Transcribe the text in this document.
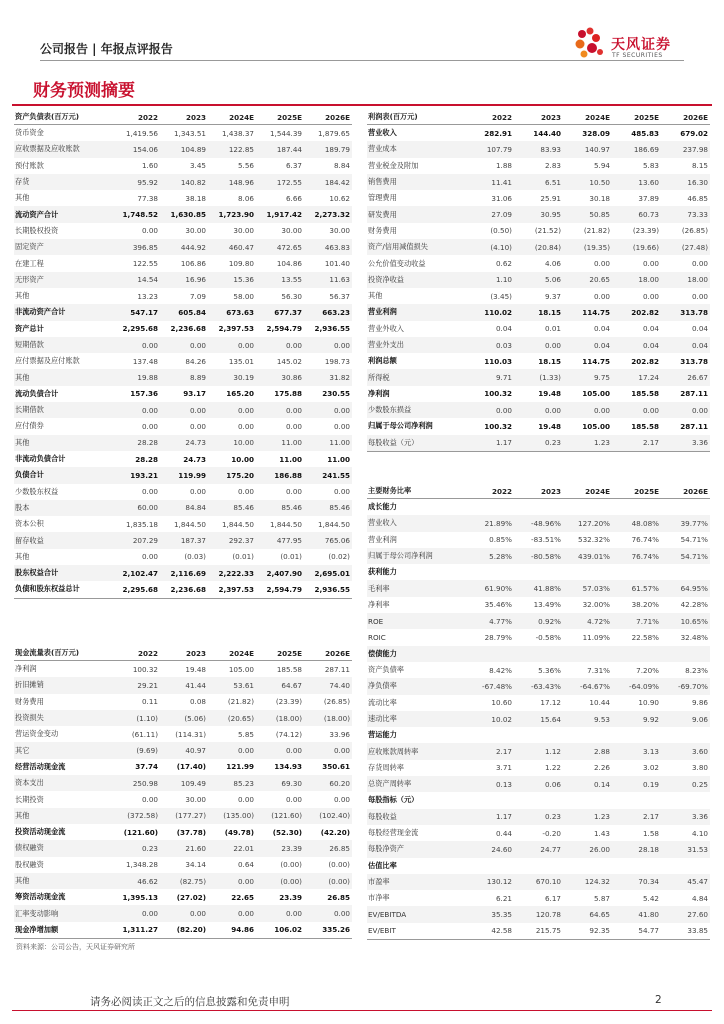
公司报告 | 年报点评报告	天风证券
TF SECURITIES
财务预测摘要
资产负债表(百万元)	2022	2023	2024E	2025E	2026E
货币资金	1,419.56	1,343.51	1,438.37	1,544.39	1,879.65
应收票据及应收账款	154.06	104.89	122.85	187.44	189.79
预付账款	1.60	3.45	5.56	6.37	8.84
存货	95.92	140.82	148.96	172.55	184.42
其他	77.38	38.18	8.06	6.66	10.62
流动资产合计	1,748.52	1,630.85	1,723.90	1,917.42	2,273.32
长期股权投资	0.00	30.00	30.00	30.00	30.00
固定资产	396.85	444.92	460.47	472.65	463.83
在建工程	122.55	106.86	109.80	104.86	101.40
无形资产	14.54	16.96	15.36	13.55	11.63
其他	13.23	7.09	58.00	56.30	56.37
非流动资产合计	547.17	605.84	673.63	677.37	663.23
资产总计	2,295.68	2,236.68	2,397.53	2,594.79	2,936.55
短期借款	0.00	0.00	0.00	0.00	0.00
应付票据及应付账款	137.48	84.26	135.01	145.02	198.73
其他	19.88	8.89	30.19	30.86	31.82
流动负债合计	157.36	93.17	165.20	175.88	230.55
长期借款	0.00	0.00	0.00	0.00	0.00
应付债券	0.00	0.00	0.00	0.00	0.00
其他	28.28	24.73	10.00	11.00	11.00
非流动负债合计	28.28	24.73	10.00	11.00	11.00
负债合计	193.21	119.99	175.20	186.88	241.55
少数股东权益	0.00	0.00	0.00	0.00	0.00
股本	60.00	84.84	85.46	85.46	85.46
资本公积	1,835.18	1,844.50	1,844.50	1,844.50	1,844.50
留存收益	207.29	187.37	292.37	477.95	765.06
其他	0.00	(0.03)	(0.01)	(0.01)	(0.02)
股东权益合计	2,102.47	2,116.69	2,222.33	2,407.90	2,695.01
负债和股东权益总计	2,295.68	2,236.68	2,397.53	2,594.79	2,936.55
利润表(百万元)	2022	2023	2024E	2025E	2026E
营业收入	282.91	144.40	328.09	485.83	679.02
营业成本	107.79	83.93	140.97	186.69	237.98
营业税金及附加	1.88	2.83	5.94	5.83	8.15
销售费用	11.41	6.51	10.50	13.60	16.30
管理费用	31.06	25.91	30.18	37.89	46.85
研发费用	27.09	30.95	50.85	60.73	73.33
财务费用	(0.50)	(21.52)	(21.82)	(23.39)	(26.85)
资产/信用减值损失	(4.10)	(20.84)	(19.35)	(19.66)	(27.48)
公允价值变动收益	0.62	4.06	0.00	0.00	0.00
投资净收益	1.10	5.06	20.65	18.00	18.00
其他	(3.45)	9.37	0.00	0.00	0.00
营业利润	110.02	18.15	114.75	202.82	313.78
营业外收入	0.04	0.01	0.04	0.04	0.04
营业外支出	0.03	0.00	0.04	0.04	0.04
利润总额	110.03	18.15	114.75	202.82	313.78
所得税	9.71	(1.33)	9.75	17.24	26.67
净利润	100.32	19.48	105.00	185.58	287.11
少数股东损益	0.00	0.00	0.00	0.00	0.00
归属于母公司净利润	100.32	19.48	105.00	185.58	287.11
每股收益（元）	1.17	0.23	1.23	2.17	3.36
主要财务比率	2022	2023	2024E	2025E	2026E
成长能力					
营业收入	21.89%	-48.96%	127.20%	48.08%	39.77%
营业利润	0.85%	-83.51%	532.32%	76.74%	54.71%
归属于母公司净利润	5.28%	-80.58%	439.01%	76.74%	54.71%
获利能力					
毛利率	61.90%	41.88%	57.03%	61.57%	64.95%
净利率	35.46%	13.49%	32.00%	38.20%	42.28%
ROE	4.77%	0.92%	4.72%	7.71%	10.65%
ROIC	28.79%	-0.58%	11.09%	22.58%	32.48%
偿债能力					
资产负债率	8.42%	5.36%	7.31%	7.20%	8.23%
净负债率	-67.48%	-63.43%	-64.67%	-64.09%	-69.70%
流动比率	10.60	17.12	10.44	10.90	9.86
速动比率	10.02	15.64	9.53	9.92	9.06
营运能力					
应收账款周转率	2.17	1.12	2.88	3.13	3.60
存货周转率	3.71	1.22	2.26	3.02	3.80
总资产周转率	0.13	0.06	0.14	0.19	0.25
每股指标（元）					
每股收益	1.17	0.23	1.23	2.17	3.36
每股经营现金流	0.44	-0.20	1.43	1.58	4.10
每股净资产	24.60	24.77	26.00	28.18	31.53
估值比率					
市盈率	130.12	670.10	124.32	70.34	45.47
市净率	6.21	6.17	5.87	5.42	4.84
EV/EBITDA	35.35	120.78	64.65	41.80	27.60
EV/EBIT	42.58	215.75	92.35	54.77	33.85
现金流量表(百万元)	2022	2023	2024E	2025E	2026E
净利润	100.32	19.48	105.00	185.58	287.11
折旧摊销	29.21	41.44	53.61	64.67	74.40
财务费用	0.11	0.08	(21.82)	(23.39)	(26.85)
投资损失	(1.10)	(5.06)	(20.65)	(18.00)	(18.00)
营运资金变动	(61.11)	(114.31)	5.85	(74.12)	33.96
其它	(9.69)	40.97	0.00	0.00	0.00
经营活动现金流	37.74	(17.40)	121.99	134.93	350.61
资本支出	250.98	109.49	85.23	69.30	60.20
长期投资	0.00	30.00	0.00	0.00	0.00
其他	(372.58)	(177.27)	(135.00)	(121.60)	(102.40)
投资活动现金流	(121.60)	(37.78)	(49.78)	(52.30)	(42.20)
债权融资	0.23	21.60	22.01	23.39	26.85
股权融资	1,348.28	34.14	0.64	(0.00)	(0.00)
其他	46.62	(82.75)	0.00	(0.00)	(0.00)
筹资活动现金流	1,395.13	(27.02)	22.65	23.39	26.85
汇率变动影响	0.00	0.00	0.00	0.00	0.00
现金净增加额	1,311.27	(82.20)	94.86	106.02	335.26
资料来源：公司公告，天风证券研究所
请务必阅读正文之后的信息披露和免责申明	2
